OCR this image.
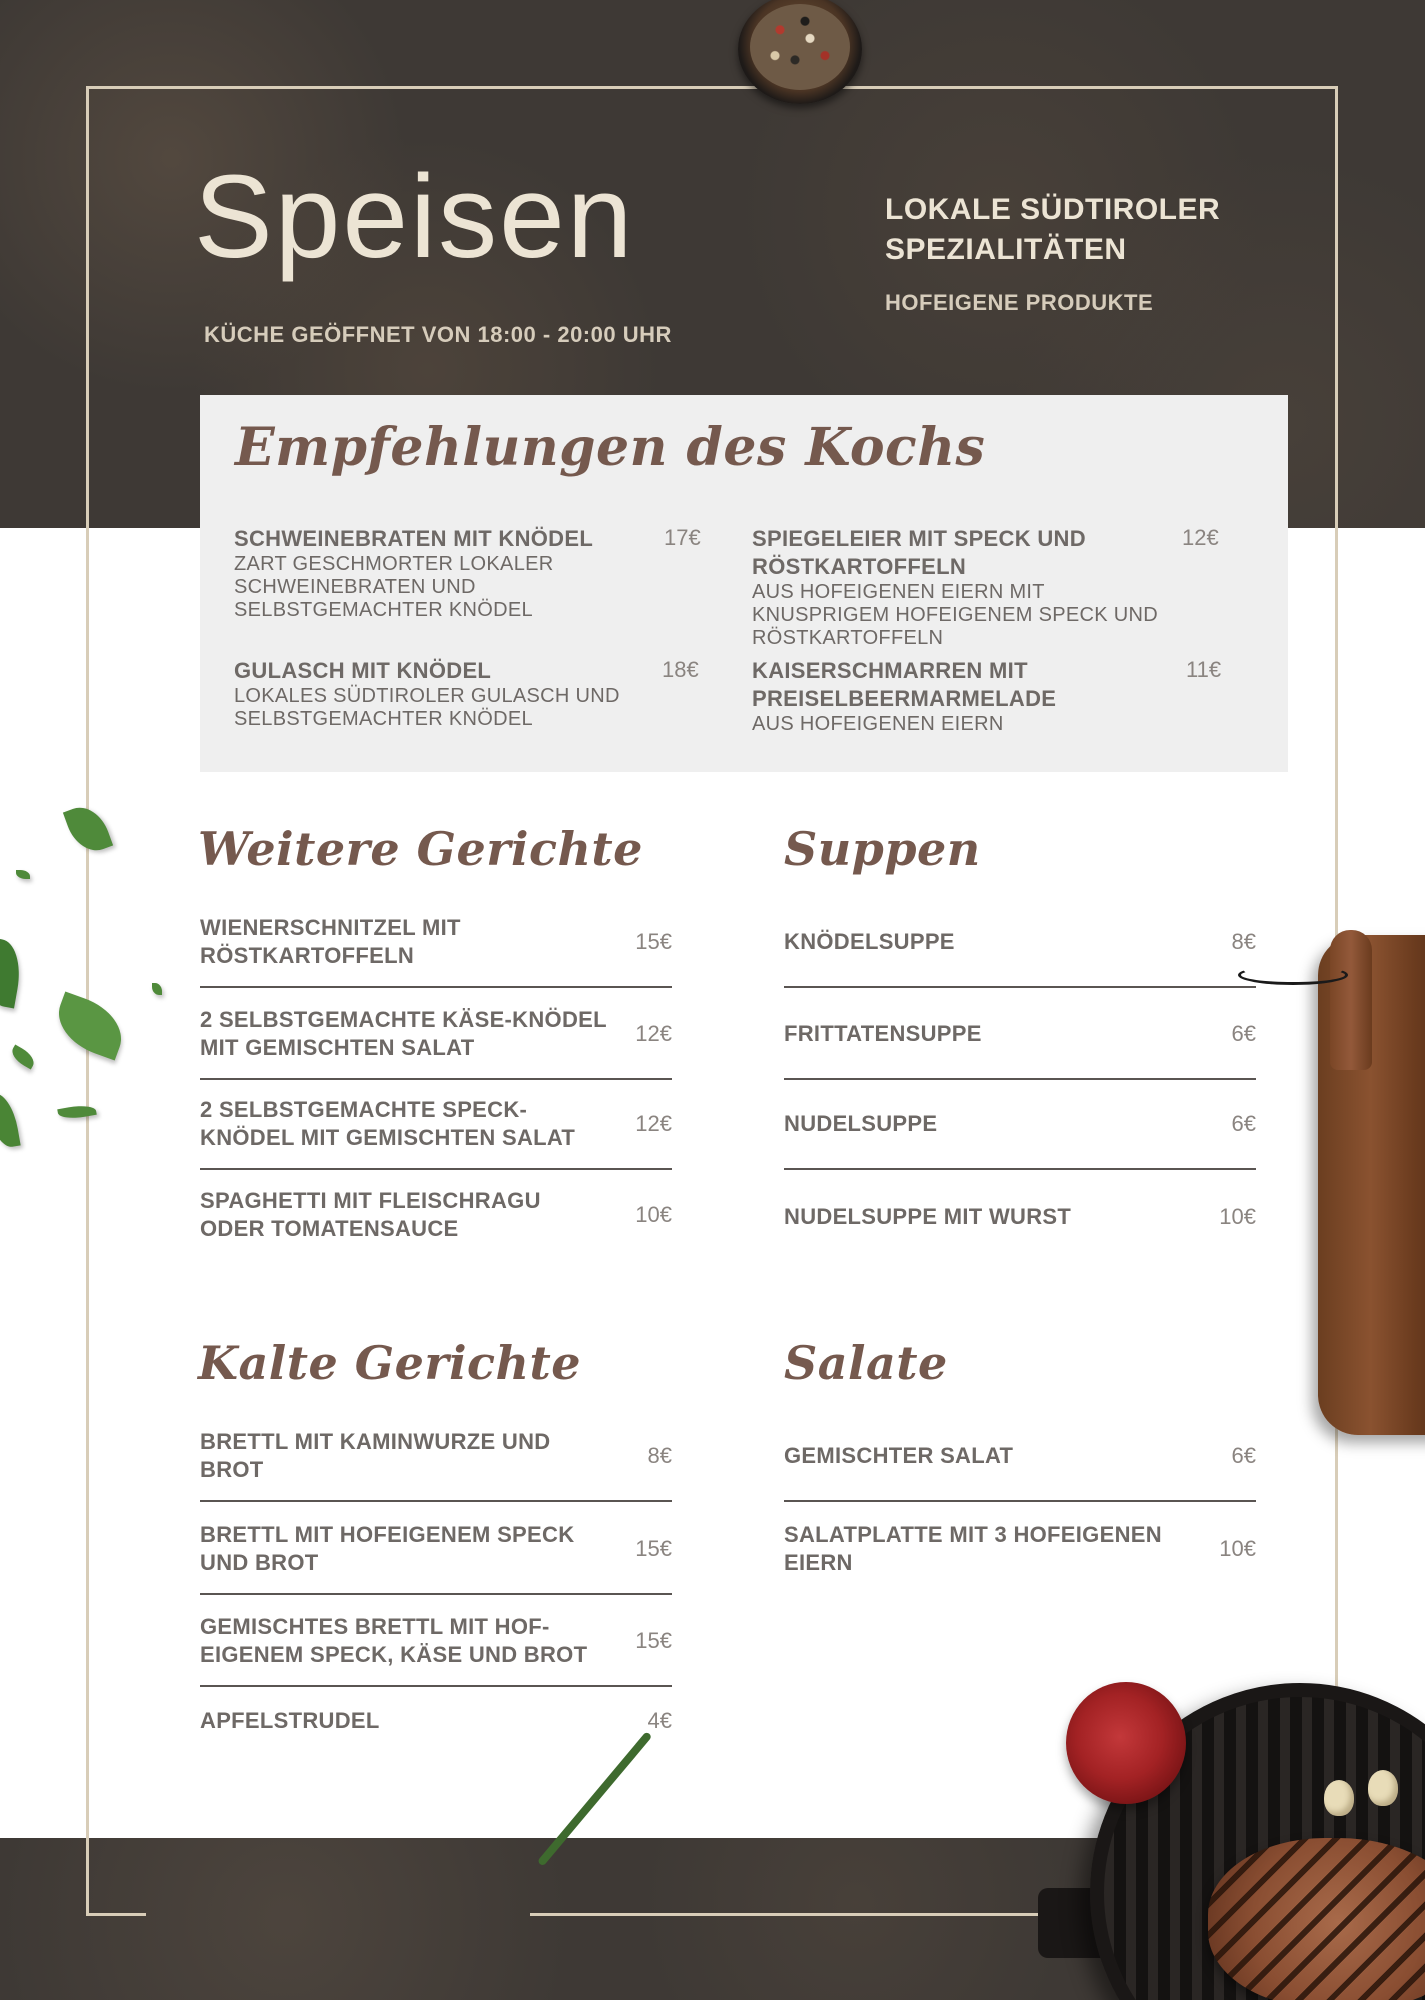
Speisen
KÜCHE GEÖFFNET VON 18:00 - 20:00 UHR
LOKALE SÜDTIROLER SPEZIALITÄTEN
HOFEIGENE PRODUKTE
Empfehlungen des Kochs
SCHWEINEBRATEN MIT KNÖDEL
ZART GESCHMORTER LOKALER SCHWEINEBRATEN UND SELBSTGEMACHTER KNÖDEL
17€
GULASCH MIT KNÖDEL
LOKALES SÜDTIROLER GULASCH UND SELBSTGEMACHTER KNÖDEL
18€
SPIEGELEIER MIT SPECK UND RÖSTKARTOFFELN
AUS HOFEIGENEN EIERN MIT KNUSPRIGEM HOFEIGENEM SPECK UND RÖSTKARTOFFELN
12€
KAISERSCHMARREN MIT PREISELBEERMARMELADE
AUS HOFEIGENEN EIERN
11€
Weitere Gerichte
WIENERSCHNITZEL MIT RÖSTKARTOFFELN
15€
2 SELBSTGEMACHTE KÄSE-KNÖDEL MIT GEMISCHTEN SALAT
12€
2 SELBSTGEMACHTE SPECK-KNÖDEL MIT GEMISCHTEN SALAT
12€
SPAGHETTI MIT FLEISCHRAGU ODER TOMATENSAUCE
10€
Suppen
KNÖDELSUPPE	8€
FRITTATENSUPPE	6€
NUDELSUPPE	6€
NUDELSUPPE MIT WURST	10€
Kalte Gerichte
BRETTL MIT KAMINWURZE UND BROT
8€
BRETTL MIT HOFEIGENEM SPECK UND BROT
15€
GEMISCHTES BRETTL MIT HOF-EIGENEM SPECK, KÄSE UND BROT
15€
APFELSTRUDEL	4€
Salate
GEMISCHTER SALAT	6€
SALATPLATTE MIT 3 HOFEIGENEN EIERN
10€
